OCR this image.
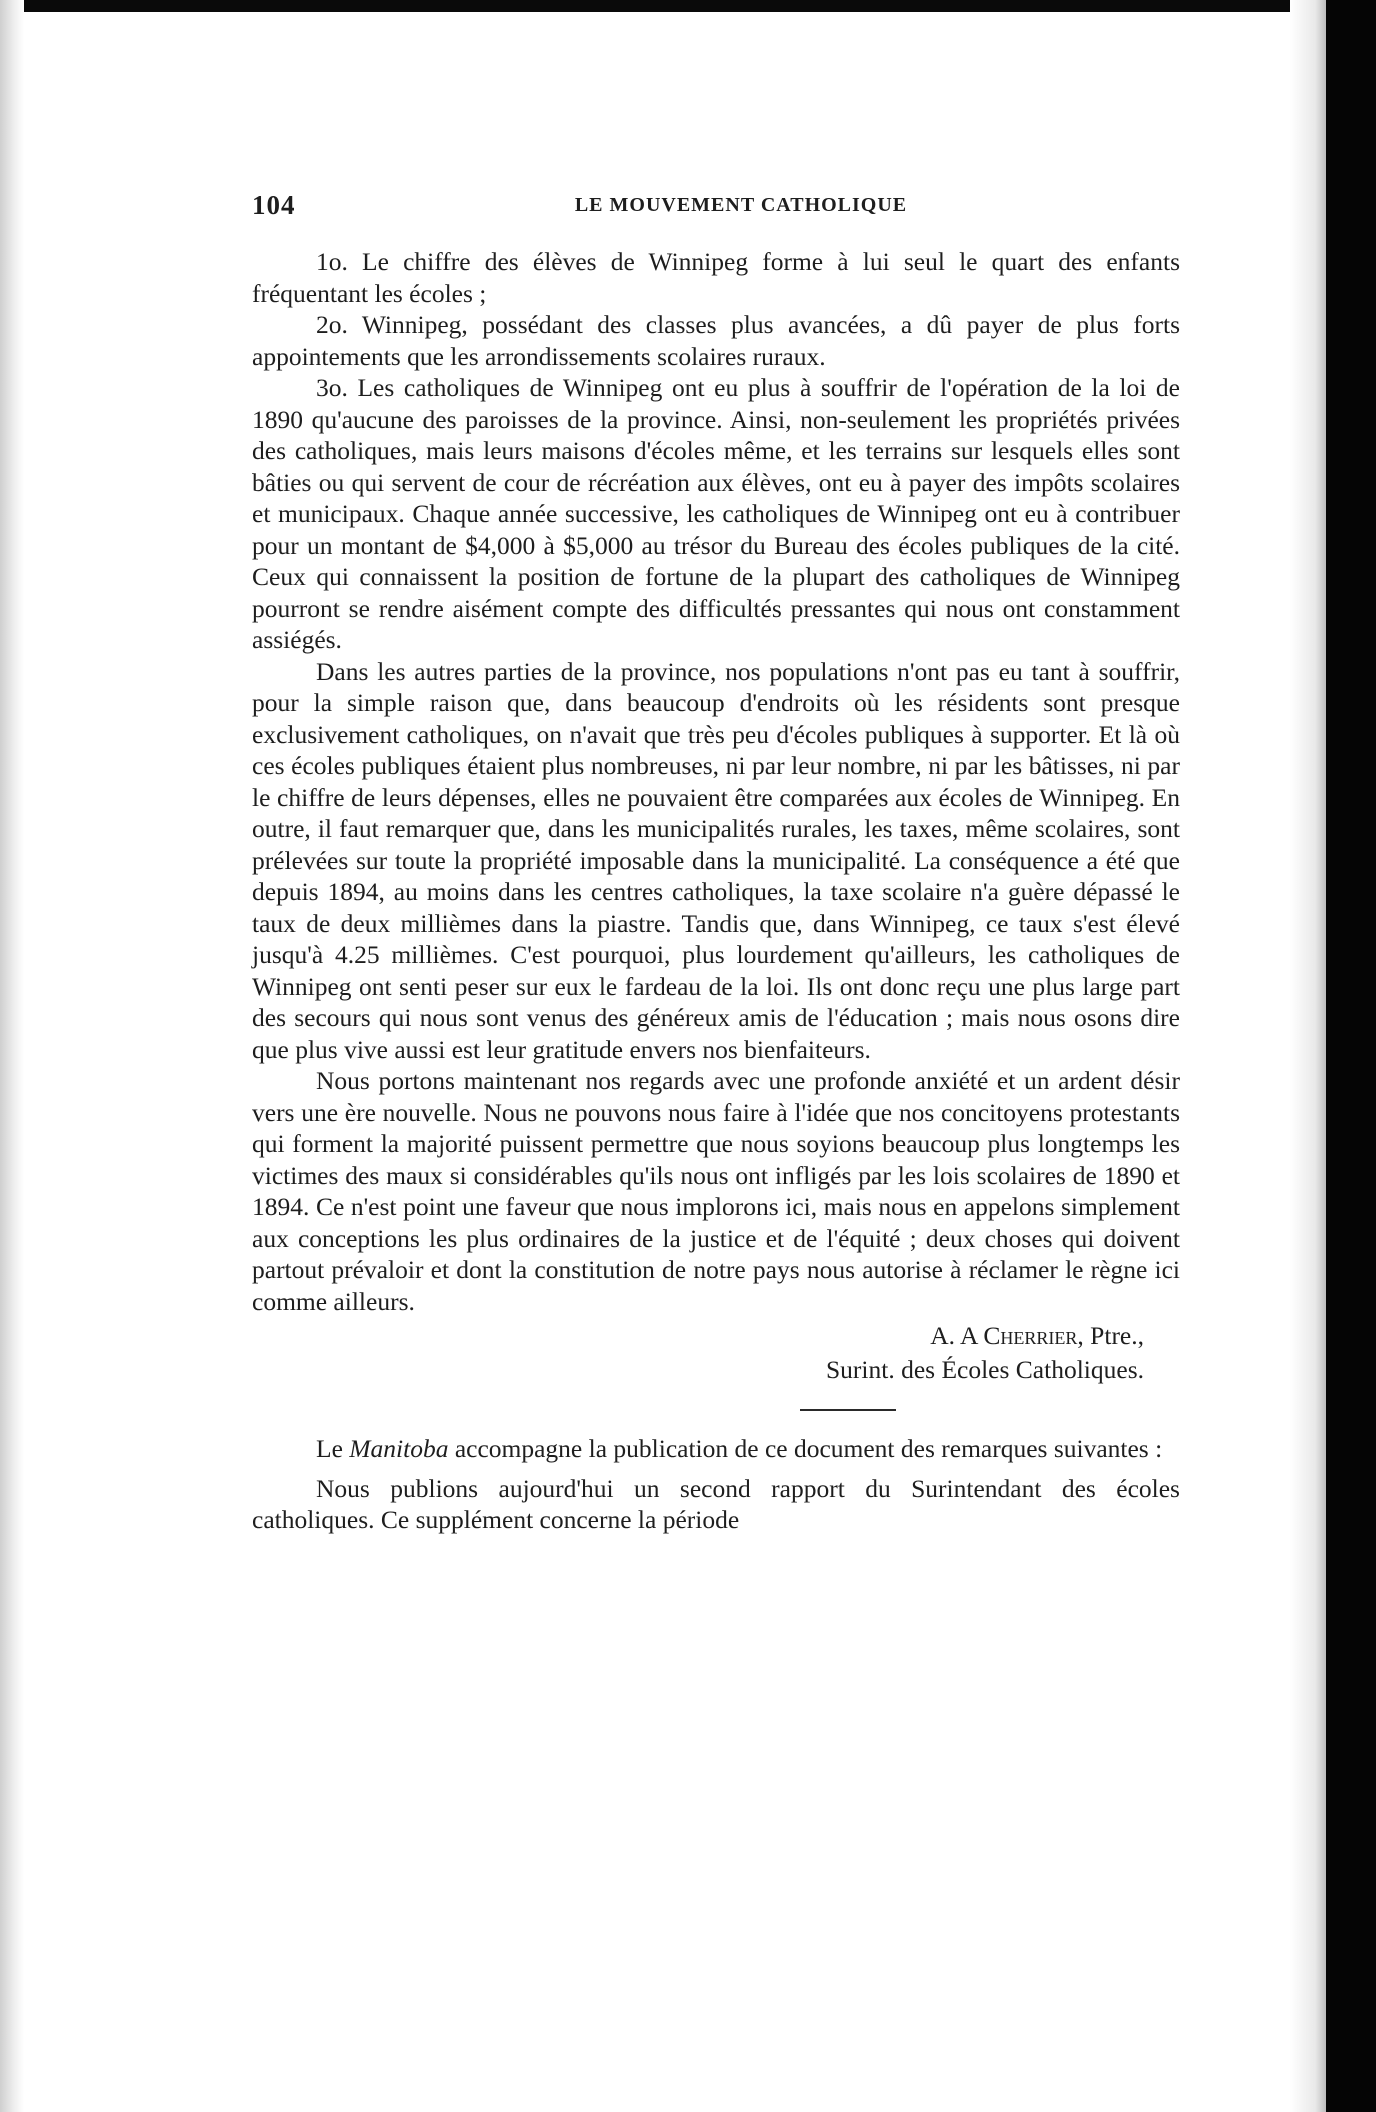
104	LE MOUVEMENT CATHOLIQUE

1o. Le chiffre des élèves de Winnipeg forme à lui seul le quart des enfants fréquentant les écoles ;

2o. Winnipeg, possédant des classes plus avancées, a dû payer de plus forts appointements que les arrondissements scolaires ruraux.

3o. Les catholiques de Winnipeg ont eu plus à souffrir de l'opération de la loi de 1890 qu'aucune des paroisses de la province. Ainsi, non-seulement les propriétés privées des catholiques, mais leurs maisons d'écoles même, et les terrains sur lesquels elles sont bâties ou qui servent de cour de récréation aux élèves, ont eu à payer des impôts scolaires et municipaux. Chaque année successive, les catholiques de Winnipeg ont eu à contribuer pour un montant de $4,000 à $5,000 au trésor du Bureau des écoles publiques de la cité. Ceux qui connaissent la position de fortune de la plupart des catholiques de Winnipeg pourront se rendre aisément compte des difficultés pressantes qui nous ont constamment assiégés.

Dans les autres parties de la province, nos populations n'ont pas eu tant à souffrir, pour la simple raison que, dans beaucoup d'endroits où les résidents sont presque exclusivement catholiques, on n'avait que très peu d'écoles publiques à supporter. Et là où ces écoles publiques étaient plus nombreuses, ni par leur nombre, ni par les bâtisses, ni par le chiffre de leurs dépenses, elles ne pouvaient être comparées aux écoles de Winnipeg. En outre, il faut remarquer que, dans les municipalités rurales, les taxes, même scolaires, sont prélevées sur toute la propriété imposable dans la municipalité. La conséquence a été que depuis 1894, au moins dans les centres catholiques, la taxe scolaire n'a guère dépassé le taux de deux millièmes dans la piastre. Tandis que, dans Winnipeg, ce taux s'est élevé jusqu'à 4.25 millièmes. C'est pourquoi, plus lourdement qu'ailleurs, les catholiques de Winnipeg ont senti peser sur eux le fardeau de la loi. Ils ont donc reçu une plus large part des secours qui nous sont venus des généreux amis de l'éducation ; mais nous osons dire que plus vive aussi est leur gratitude envers nos bienfaiteurs.

Nous portons maintenant nos regards avec une profonde anxiété et un ardent désir vers une ère nouvelle. Nous ne pouvons nous faire à l'idée que nos concitoyens protestants qui forment la majorité puissent permettre que nous soyions beaucoup plus longtemps les victimes des maux si considérables qu'ils nous ont infligés par les lois scolaires de 1890 et 1894. Ce n'est point une faveur que nous implorons ici, mais nous en appelons simplement aux conceptions les plus ordinaires de la justice et de l'équité ; deux choses qui doivent partout prévaloir et dont la constitution de notre pays nous autorise à réclamer le règne ici comme ailleurs.

A. A Cherrier, Ptre.,
Surint. des Écoles Catholiques.

Le Manitoba accompagne la publication de ce document des remarques suivantes :

Nous publions aujourd'hui un second rapport du Surintendant des écoles catholiques. Ce supplément concerne la période
